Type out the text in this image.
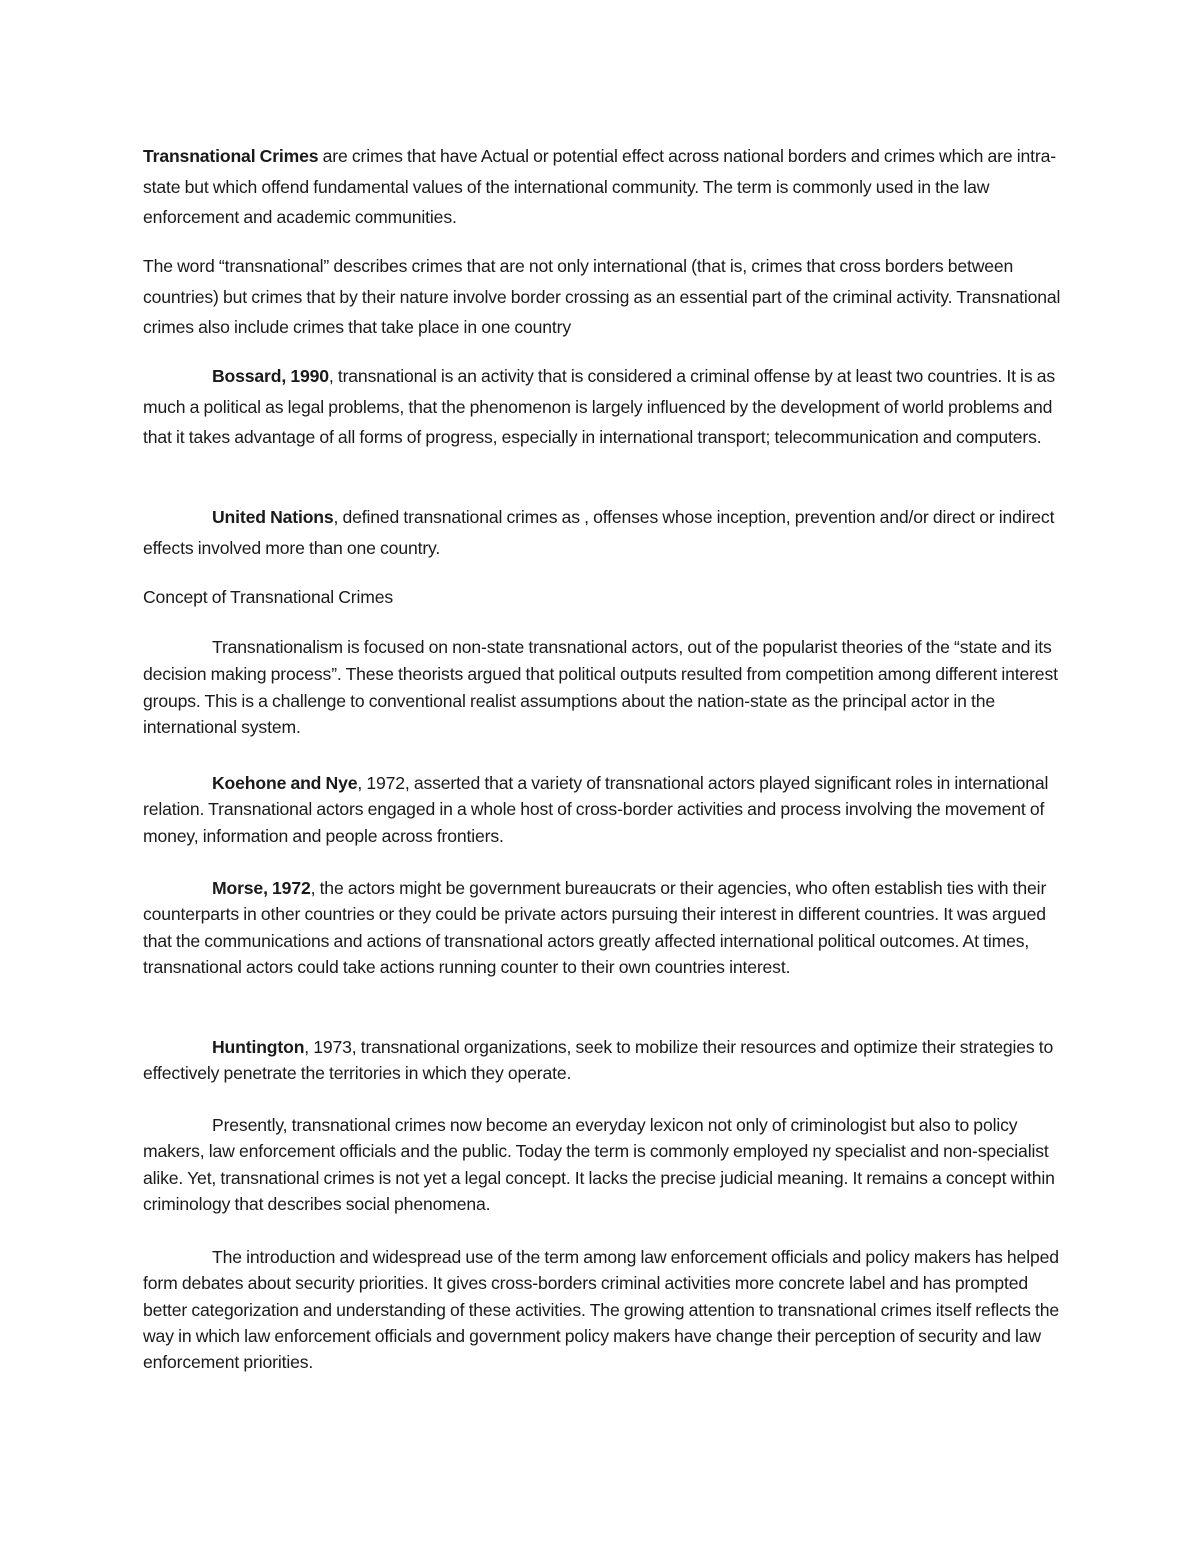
Transnational Crimes are crimes that have Actual or potential effect across national borders and crimes which are intra-state but which offend fundamental values of the international community. The term is commonly used in the law enforcement and academic communities.

The word “transnational” describes crimes that are not only international (that is, crimes that cross borders between countries) but crimes that by their nature involve border crossing as an essential part of the criminal activity. Transnational crimes also include crimes that take place in one country

Bossard, 1990, transnational is an activity that is considered a criminal offense by at least two countries. It is as much a political as legal problems, that the phenomenon is largely influenced by the development of world problems and that it takes advantage of all forms of progress, especially in international transport; telecommunication and computers.

United Nations, defined transnational crimes as , offenses whose inception, prevention and/or direct or indirect effects involved more than one country.

Concept of Transnational Crimes

Transnationalism is focused on non-state transnational actors, out of the popularist theories of the “state and its decision making process”. These theorists argued that political outputs resulted from competition among different interest groups. This is a challenge to conventional realist assumptions about the nation-state as the principal actor in the international system.

Koehone and Nye, 1972, asserted that a variety of transnational actors played significant roles in international relation. Transnational actors engaged in a whole host of cross-border activities and process involving the movement of money, information and people across frontiers.

Morse, 1972, the actors might be government bureaucrats or their agencies, who often establish ties with their counterparts in other countries or they could be private actors pursuing their interest in different countries. It was argued that the communications and actions of transnational actors greatly affected international political outcomes. At times, transnational actors could take actions running counter to their own countries interest.

Huntington, 1973, transnational organizations, seek to mobilize their resources and optimize their strategies to effectively penetrate the territories in which they operate.

Presently, transnational crimes now become an everyday lexicon not only of criminologist but also to policy makers, law enforcement officials and the public. Today the term is commonly employed ny specialist and non-specialist alike. Yet, transnational crimes is not yet a legal concept. It lacks the precise judicial meaning. It remains a concept within criminology that describes social phenomena.

The introduction and widespread use of the term among law enforcement officials and policy makers has helped form debates about security priorities. It gives cross-borders criminal activities more concrete label and has prompted better categorization and understanding of these activities. The growing attention to transnational crimes itself reflects the way in which law enforcement officials and government policy makers have change their perception of security and law enforcement priorities.
